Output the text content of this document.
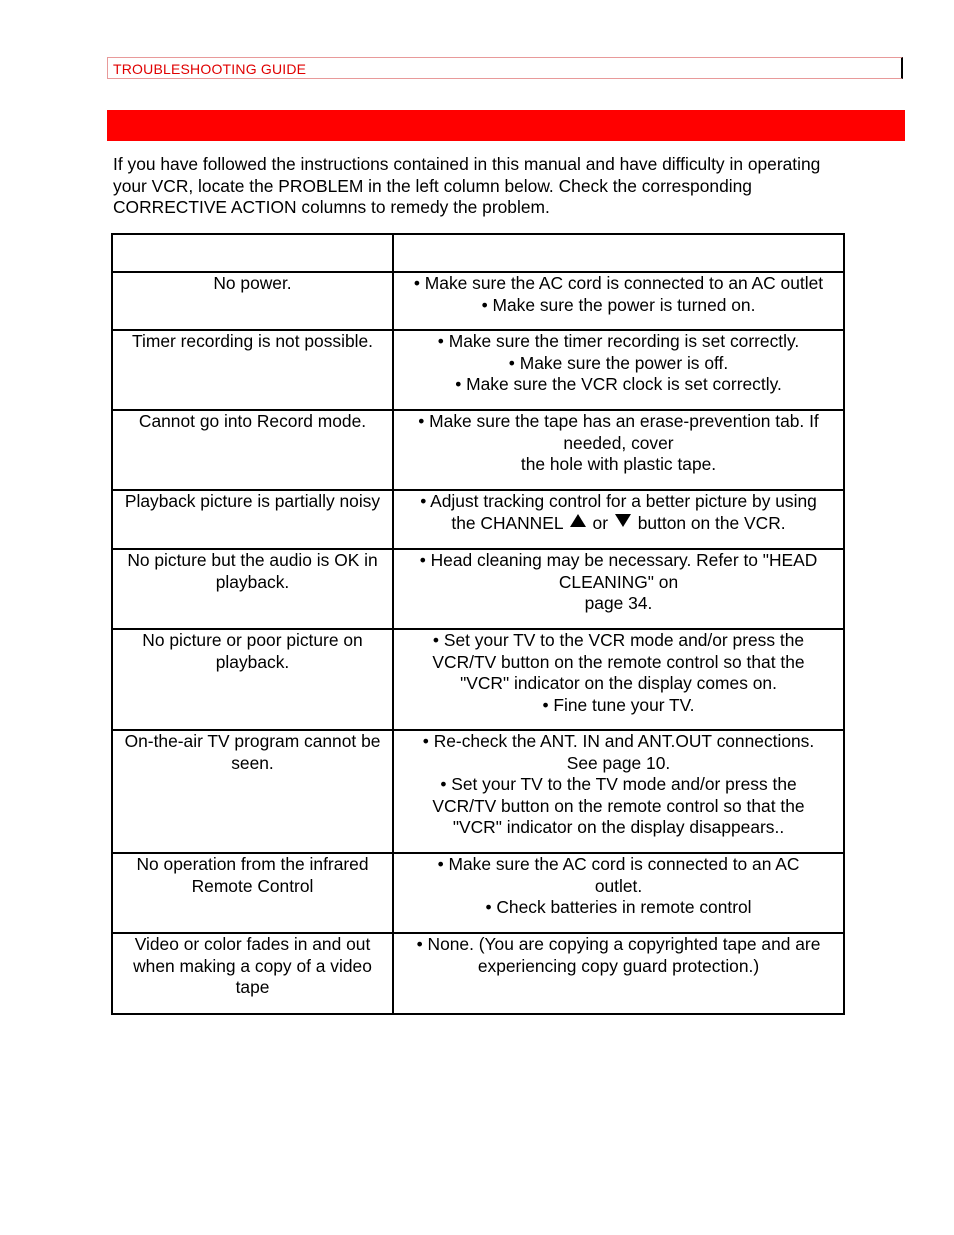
TROUBLESHOOTING GUIDE
If you have followed the instructions contained in this manual and have difficulty in operating
your VCR, locate the PROBLEM in the left column below. Check the corresponding
CORRECTIVE ACTION columns to remedy the problem.

No power.	• Make sure the AC cord is connected to an AC outlet
• Make sure the power is turned on.

Timer recording is not possible.	• Make sure the timer recording is set correctly.
• Make sure the power is off.
• Make sure the VCR clock is set correctly.

Cannot go into Record mode.	• Make sure the tape has an erase-prevention tab. If
needed, cover
the hole with plastic tape.

Playback picture is partially noisy	• Adjust tracking control for a better picture by using
the CHANNEL or button on the VCR.

No picture but the audio is OK in
playback.	• Head cleaning may be necessary. Refer to "HEAD
CLEANING" on
page 34.

No picture or poor picture on
playback.	• Set your TV to the VCR mode and/or press the
VCR/TV button on the remote control so that the
"VCR" indicator on the display comes on.
• Fine tune your TV.

On-the-air TV program cannot be
seen.	• Re-check the ANT. IN and ANT.OUT connections.
See page 10.
• Set your TV to the TV mode and/or press the
VCR/TV button on the remote control so that the
"VCR" indicator on the display disappears..

No operation from the infrared
Remote Control	• Make sure the AC cord is connected to an AC
outlet.
• Check batteries in remote control

Video or color fades in and out
when making a copy of a video
tape	• None. (You are copying a copyrighted tape and are
experiencing copy guard protection.)
